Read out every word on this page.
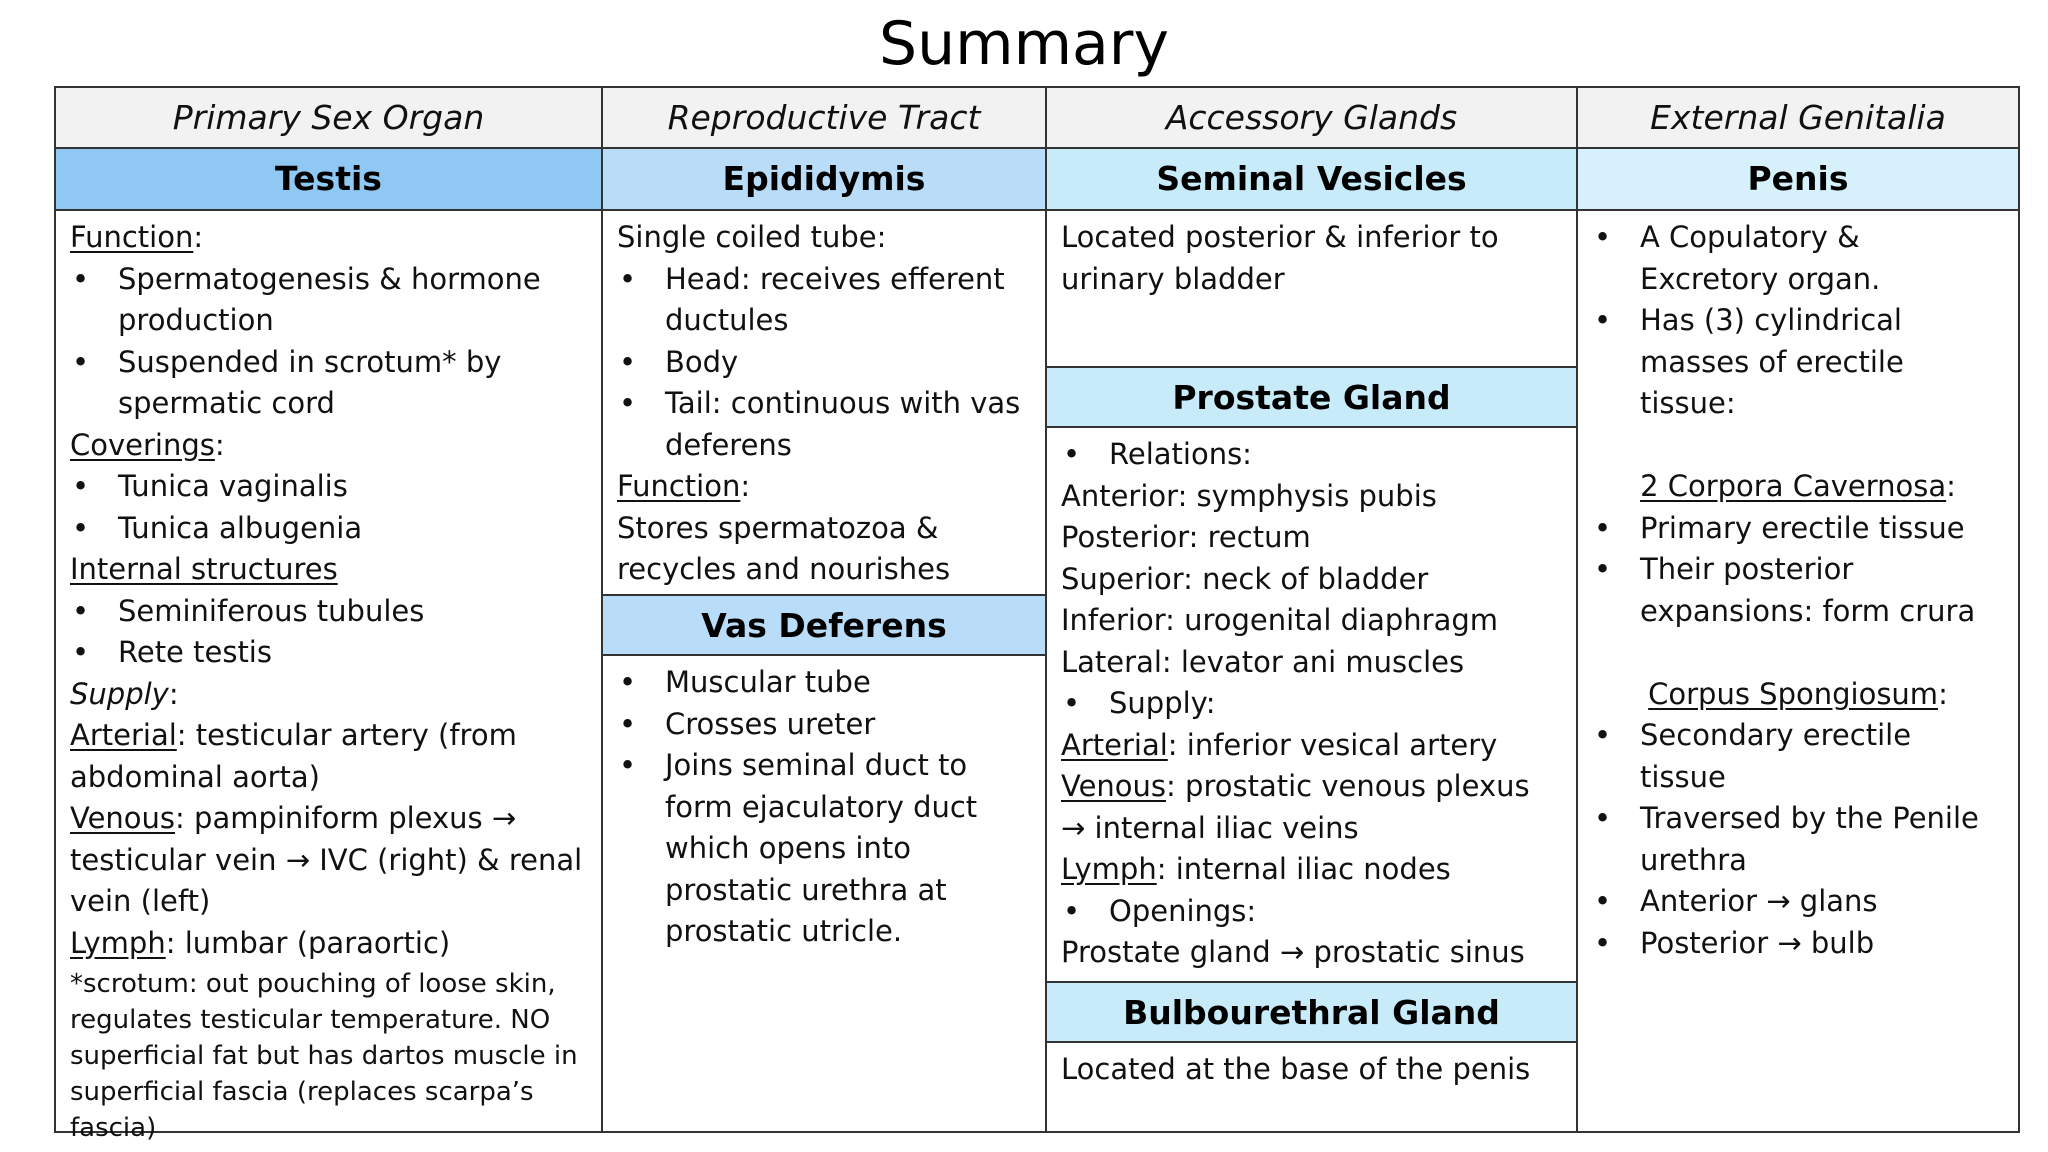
Summary
Primary Sex Organ
Testis
Function:
• Spermatogenesis & hormone production
• Suspended in scrotum* by spermatic cord
Coverings:
• Tunica vaginalis
• Tunica albugenia
Internal structures
• Seminiferous tubules
• Rete testis
Supply:
Arterial: testicular artery (from abdominal aorta)
Venous: pampiniform plexus → testicular vein → IVC (right) & renal vein (left)
Lymph: lumbar (paraortic)
*scrotum: out pouching of loose skin, regulates testicular temperature. NO superficial fat but has dartos muscle in superficial fascia (replaces scarpa’s fascia)
Reproductive Tract
Epididymis
Single coiled tube:
• Head: receives efferent ductules
• Body
• Tail: continuous with vas deferens
Function:
Stores spermatozoa & recycles and nourishes
Vas Deferens
• Muscular tube
• Crosses ureter
• Joins seminal duct to form ejaculatory duct which opens into prostatic urethra at prostatic utricle.
Accessory Glands
Seminal Vesicles
Located posterior & inferior to urinary bladder
Prostate Gland
• Relations:
Anterior: symphysis pubis
Posterior: rectum
Superior: neck of bladder
Inferior: urogenital diaphragm
Lateral: levator ani muscles
• Supply:
Arterial: inferior vesical artery
Venous: prostatic venous plexus → internal iliac veins
Lymph: internal iliac nodes
• Openings:
Prostate gland → prostatic sinus
Bulbourethral Gland
Located at the base of the penis
External Genitalia
Penis
• A Copulatory & Excretory organ.
• Has (3) cylindrical masses of erectile tissue:
2 Corpora Cavernosa:
• Primary erectile tissue
• Their posterior expansions: form crura
Corpus Spongiosum:
• Secondary erectile tissue
• Traversed by the Penile urethra
• Anterior → glans
• Posterior → bulb
